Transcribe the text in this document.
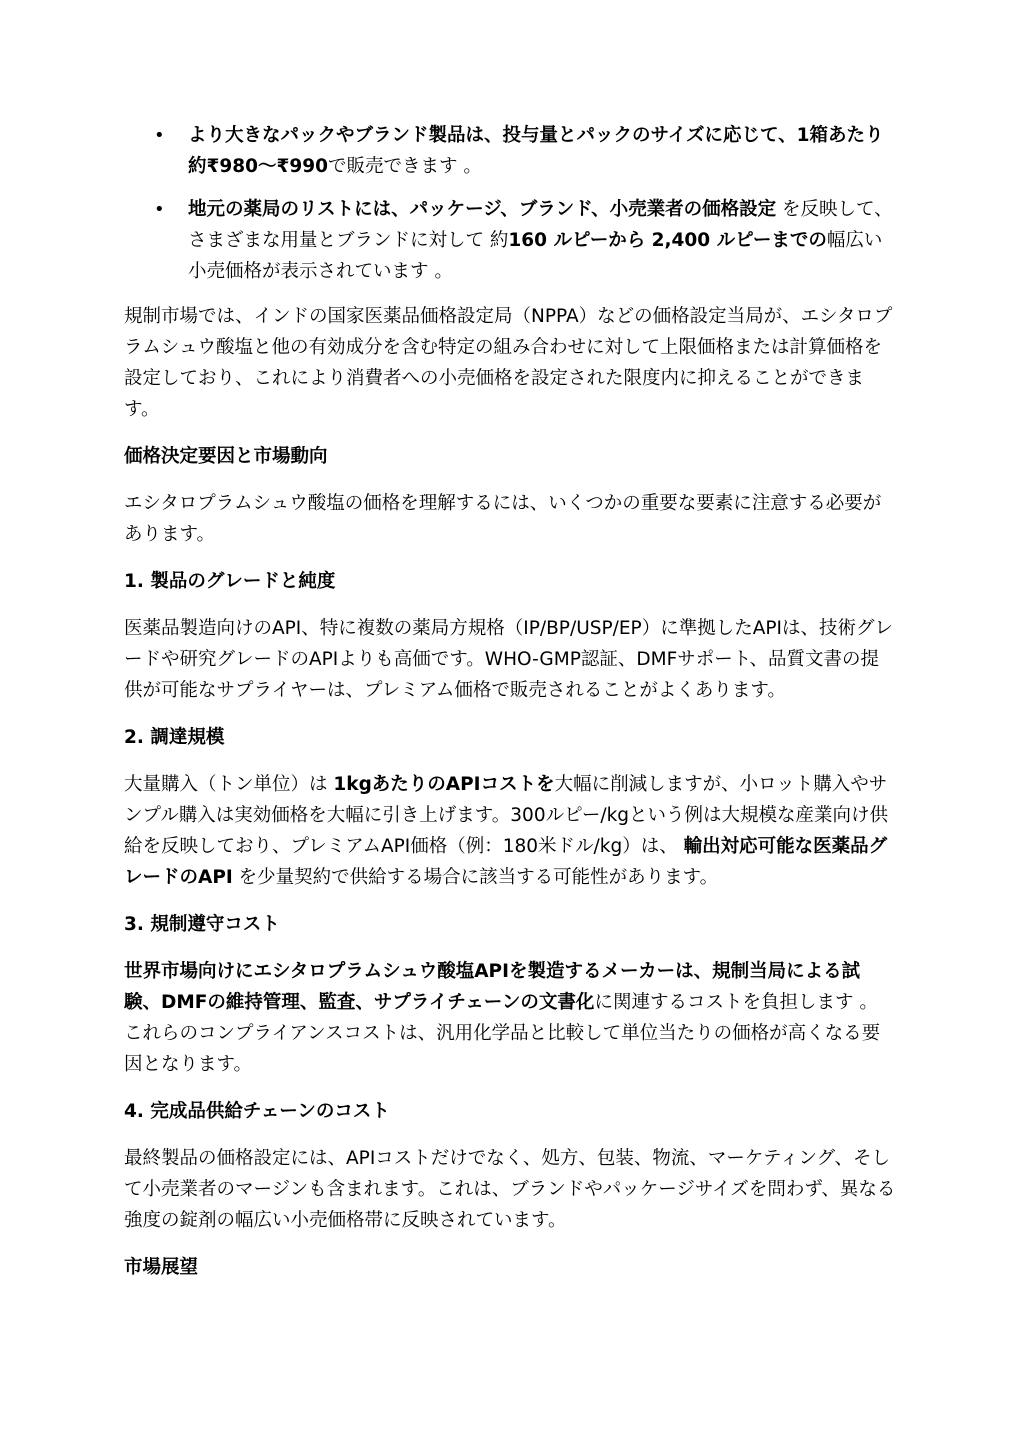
• より大きなパックやブランド製品は、投与量とパックのサイズに応じて、1箱あたり約₹980〜₹990で販売できます 。
• 地元の薬局のリストには、パッケージ、ブランド、小売業者の価格設定 を反映して、さまざまな用量とブランドに対して 約160 ルピーから 2,400 ルピーまでの幅広い小売価格が表示されています 。

規制市場では、インドの国家医薬品価格設定局（NPPA）などの価格設定当局が、エシタロプラムシュウ酸塩と他の有効成分を含む特定の組み合わせに対して上限価格または計算価格を設定しており、これにより消費者への小売価格を設定された限度内に抑えることができます。

価格決定要因と市場動向

エシタロプラムシュウ酸塩の価格を理解するには、いくつかの重要な要素に注意する必要があります。

1. 製品のグレードと純度

医薬品製造向けのAPI、特に複数の薬局方規格（IP/BP/USP/EP）に準拠したAPIは、技術グレードや研究グレードのAPIよりも高価です。WHO-GMP認証、DMFサポート、品質文書の提供が可能なサプライヤーは、プレミアム価格で販売されることがよくあります。

2. 調達規模

大量購入（トン単位）は 1kgあたりのAPIコストを大幅に削減しますが、小ロット購入やサンプル購入は実効価格を大幅に引き上げます。300ルピー/kgという例は大規模な産業向け供給を反映しており、プレミアムAPI価格（例：180米ドル/kg）は、 輸出対応可能な医薬品グレードのAPI を少量契約で供給する場合に該当する可能性があります。

3. 規制遵守コスト

世界市場向けにエシタロプラムシュウ酸塩APIを製造するメーカーは、規制当局による試験、DMFの維持管理、監査、サプライチェーンの文書化に関連するコストを負担します 。これらのコンプライアンスコストは、汎用化学品と比較して単位当たりの価格が高くなる要因となります。

4. 完成品供給チェーンのコスト

最終製品の価格設定には、APIコストだけでなく、処方、包装、物流、マーケティング、そして小売業者のマージンも含まれます。これは、ブランドやパッケージサイズを問わず、異なる強度の錠剤の幅広い小売価格帯に反映されています。

市場展望
